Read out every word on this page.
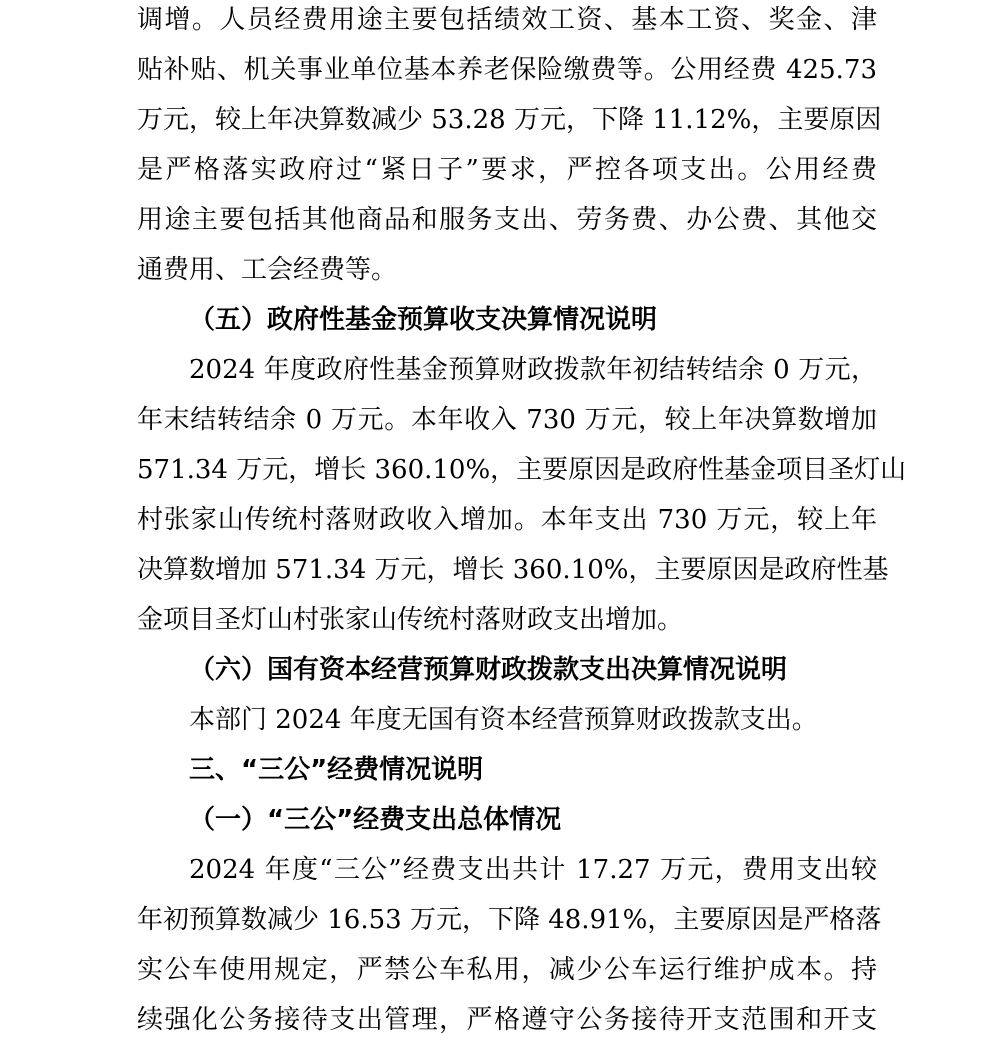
调增。人员经费用途主要包括绩效工资、基本工资、奖金、津
贴补贴、机关事业单位基本养老保险缴费等。公用经费 425.73
万元，较上年决算数减少 53.28 万元，下降 11.12%，主要原因
是严格落实政府过“紧日子”要求，严控各项支出。公用经费
用途主要包括其他商品和服务支出、劳务费、办公费、其他交
通费用、工会经费等。
（五）政府性基金预算收支决算情况说明
2024 年度政府性基金预算财政拨款年初结转结余 0 万元，
年末结转结余 0 万元。本年收入 730 万元，较上年决算数增加
571.34 万元，增长 360.10%，主要原因是政府性基金项目圣灯山
村张家山传统村落财政收入增加。本年支出 730 万元，较上年
决算数增加 571.34 万元，增长 360.10%，主要原因是政府性基
金项目圣灯山村张家山传统村落财政支出增加。
（六）国有资本经营预算财政拨款支出决算情况说明
本部门 2024 年度无国有资本经营预算财政拨款支出。
三、“三公”经费情况说明
（一）“三公”经费支出总体情况
2024 年度“三公”经费支出共计 17.27 万元，费用支出较
年初预算数减少 16.53 万元，下降 48.91%，主要原因是严格落
实公车使用规定，严禁公车私用，减少公车运行维护成本。持
续强化公务接待支出管理，严格遵守公务接待开支范围和开支
